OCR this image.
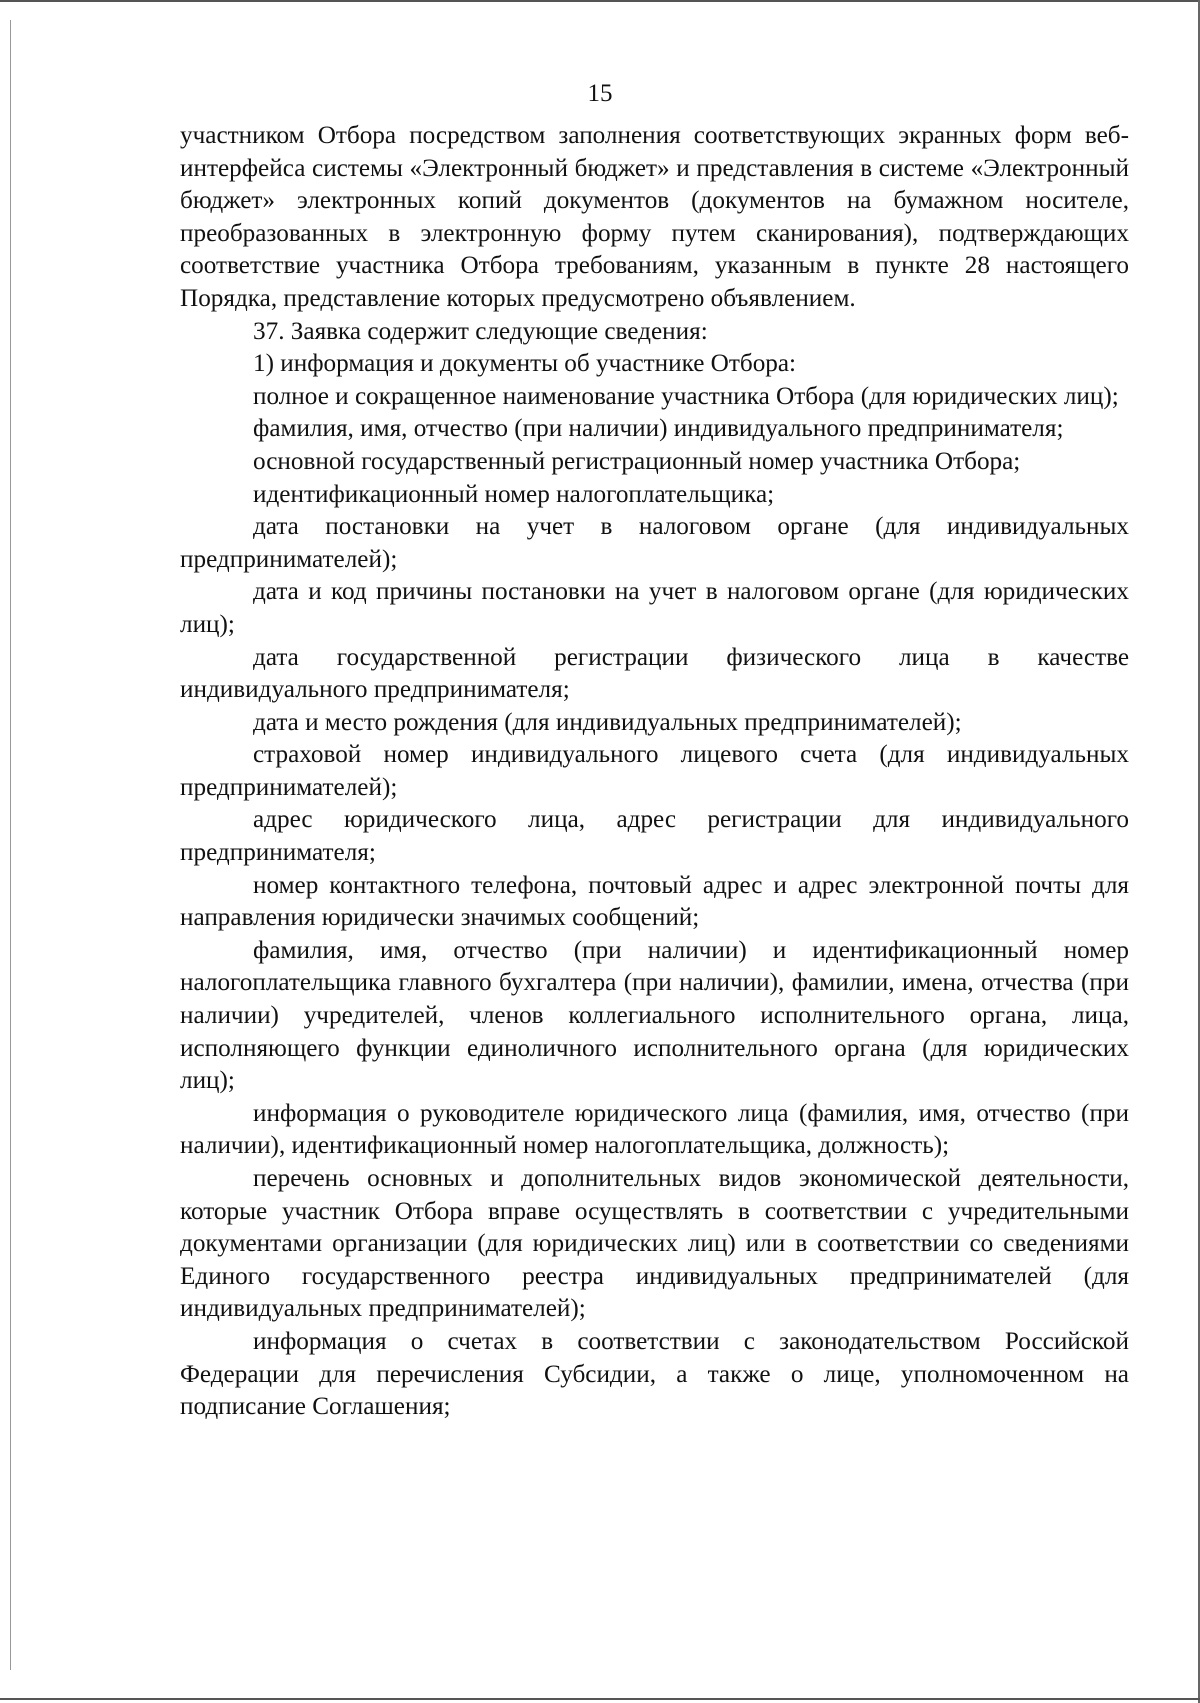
15

участником Отбора посредством заполнения соответствующих экранных форм веб-интерфейса системы «Электронный бюджет» и представления в системе «Электронный бюджет» электронных копий документов (документов на бумажном носителе, преобразованных в электронную форму путем сканирования), подтверждающих соответствие участника Отбора требованиям, указанным в пункте 28 настоящего Порядка, представление которых предусмотрено объявлением.

37. Заявка содержит следующие сведения:

1) информация и документы об участнике Отбора:

полное и сокращенное наименование участника Отбора (для юридических лиц);

фамилия, имя, отчество (при наличии) индивидуального предпринимателя;

основной государственный регистрационный номер участника Отбора;

идентификационный номер налогоплательщика;

дата постановки на учет в налоговом органе (для индивидуальных предпринимателей);

дата и код причины постановки на учет в налоговом органе (для юридических лиц);

дата государственной регистрации физического лица в качестве индивидуального предпринимателя;

дата и место рождения (для индивидуальных предпринимателей);

страховой номер индивидуального лицевого счета (для индивидуальных предпринимателей);

адрес юридического лица, адрес регистрации для индивидуального предпринимателя;

номер контактного телефона, почтовый адрес и адрес электронной почты для направления юридически значимых сообщений;

фамилия, имя, отчество (при наличии) и идентификационный номер налогоплательщика главного бухгалтера (при наличии), фамилии, имена, отчества (при наличии) учредителей, членов коллегиального исполнительного органа, лица, исполняющего функции единоличного исполнительного органа (для юридических лиц);

информация о руководителе юридического лица (фамилия, имя, отчество (при наличии), идентификационный номер налогоплательщика, должность);

перечень основных и дополнительных видов экономической деятельности, которые участник Отбора вправе осуществлять в соответствии с учредительными документами организации (для юридических лиц) или в соответствии со сведениями Единого государственного реестра индивидуальных предпринимателей (для индивидуальных предпринимателей);

информация о счетах в соответствии с законодательством Российской Федерации для перечисления Субсидии, а также о лице, уполномоченном на подписание Соглашения;
